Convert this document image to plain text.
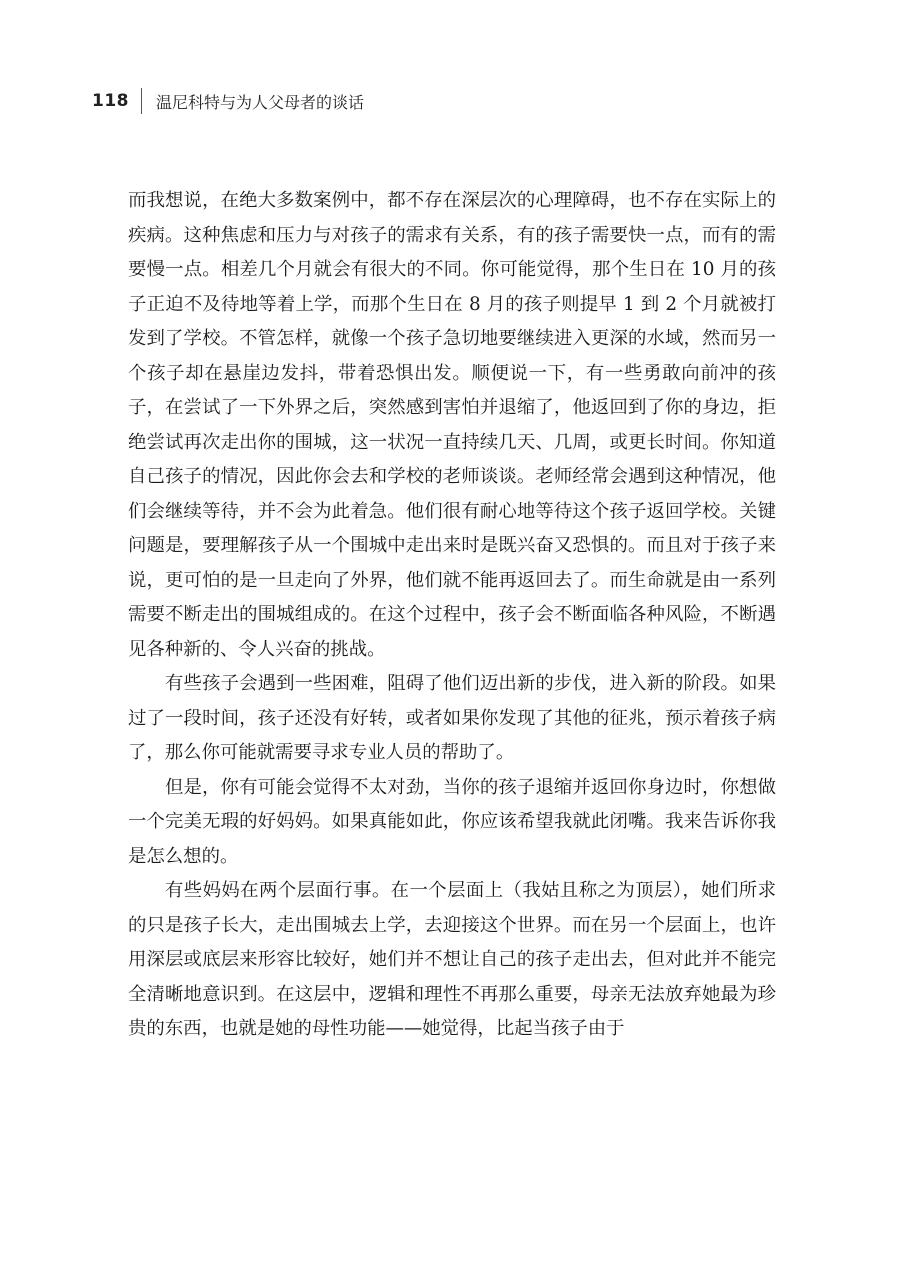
118 温尼科特与为人父母者的谈话

而我想说，在绝大多数案例中，都不存在深层次的心理障碍，也不存在实际上的疾病。这种焦虑和压力与对孩子的需求有关系，有的孩子需要快一点，而有的需要慢一点。相差几个月就会有很大的不同。你可能觉得，那个生日在 10 月的孩子正迫不及待地等着上学，而那个生日在 8 月的孩子则提早 1 到 2 个月就被打发到了学校。不管怎样，就像一个孩子急切地要继续进入更深的水域，然而另一个孩子却在悬崖边发抖，带着恐惧出发。顺便说一下，有一些勇敢向前冲的孩子，在尝试了一下外界之后，突然感到害怕并退缩了，他返回到了你的身边，拒绝尝试再次走出你的围城，这一状况一直持续几天、几周，或更长时间。你知道自己孩子的情况，因此你会去和学校的老师谈谈。老师经常会遇到这种情况，他们会继续等待，并不会为此着急。他们很有耐心地等待这个孩子返回学校。关键问题是，要理解孩子从一个围城中走出来时是既兴奋又恐惧的。而且对于孩子来说，更可怕的是一旦走向了外界，他们就不能再返回去了。而生命就是由一系列需要不断走出的围城组成的。在这个过程中，孩子会不断面临各种风险，不断遇见各种新的、令人兴奋的挑战。

有些孩子会遇到一些困难，阻碍了他们迈出新的步伐，进入新的阶段。如果过了一段时间，孩子还没有好转，或者如果你发现了其他的征兆，预示着孩子病了，那么你可能就需要寻求专业人员的帮助了。

但是，你有可能会觉得不太对劲，当你的孩子退缩并返回你身边时，你想做一个完美无瑕的好妈妈。如果真能如此，你应该希望我就此闭嘴。我来告诉你我是怎么想的。

有些妈妈在两个层面行事。在一个层面上（我姑且称之为顶层），她们所求的只是孩子长大，走出围城去上学，去迎接这个世界。而在另一个层面上，也许用深层或底层来形容比较好，她们并不想让自己的孩子走出去，但对此并不能完全清晰地意识到。在这层中，逻辑和理性不再那么重要，母亲无法放弃她最为珍贵的东西，也就是她的母性功能——她觉得，比起当孩子由于
